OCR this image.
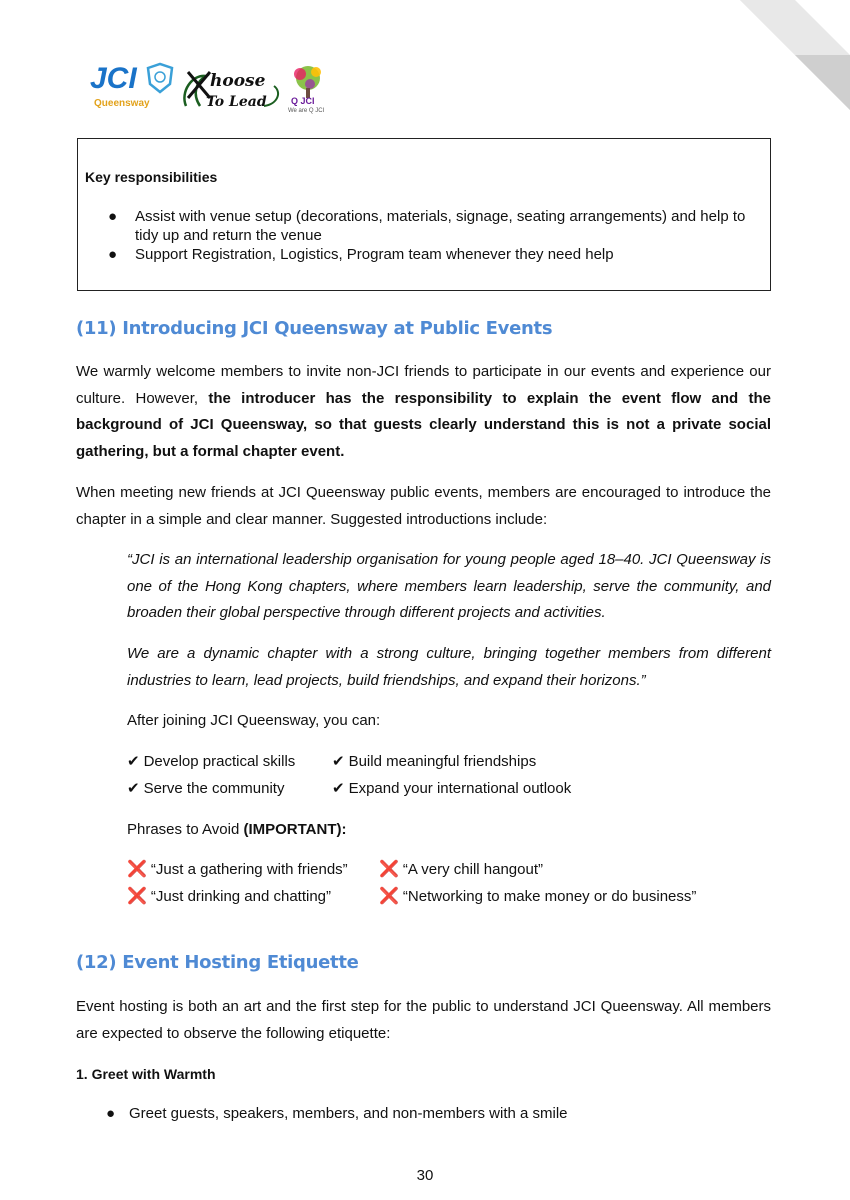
JCI
Queensway
hoose
To Lead	Q JCI
We are Q JCI
Key responsibilities
● Assist with venue setup (decorations, materials, signage, seating arrangements) and help to tidy up and return the venue
● Support Registration, Logistics, Program team whenever they need help
(11) Introducing JCI Queensway at Public Events
We warmly welcome members to invite non-JCI friends to participate in our events and experience our culture. However, the introducer has the responsibility to explain the event flow and the background of JCI Queensway, so that guests clearly understand this is not a private social gathering, but a formal chapter event.
When meeting new friends at JCI Queensway public events, members are encouraged to introduce the chapter in a simple and clear manner. Suggested introductions include:
“JCI is an international leadership organisation for young people aged 18–40. JCI Queensway is one of the Hong Kong chapters, where members learn leadership, serve the community, and broaden their global perspective through different projects and activities.
We are a dynamic chapter with a strong culture, bringing together members from different industries to learn, lead projects, build friendships, and expand their horizons.”
After joining JCI Queensway, you can:
✔ Develop practical skills	✔ Build meaningful friendships
✔ Serve the community	✔ Expand your international outlook
Phrases to Avoid (IMPORTANT):
❌ “Just a gathering with friends”	❌ “A very chill hangout”
❌ “Just drinking and chatting”	❌ “Networking to make money or do business”
(12) Event Hosting Etiquette
Event hosting is both an art and the first step for the public to understand JCI Queensway. All members are expected to observe the following etiquette:
1. Greet with Warmth
● Greet guests, speakers, members, and non-members with a smile
30
